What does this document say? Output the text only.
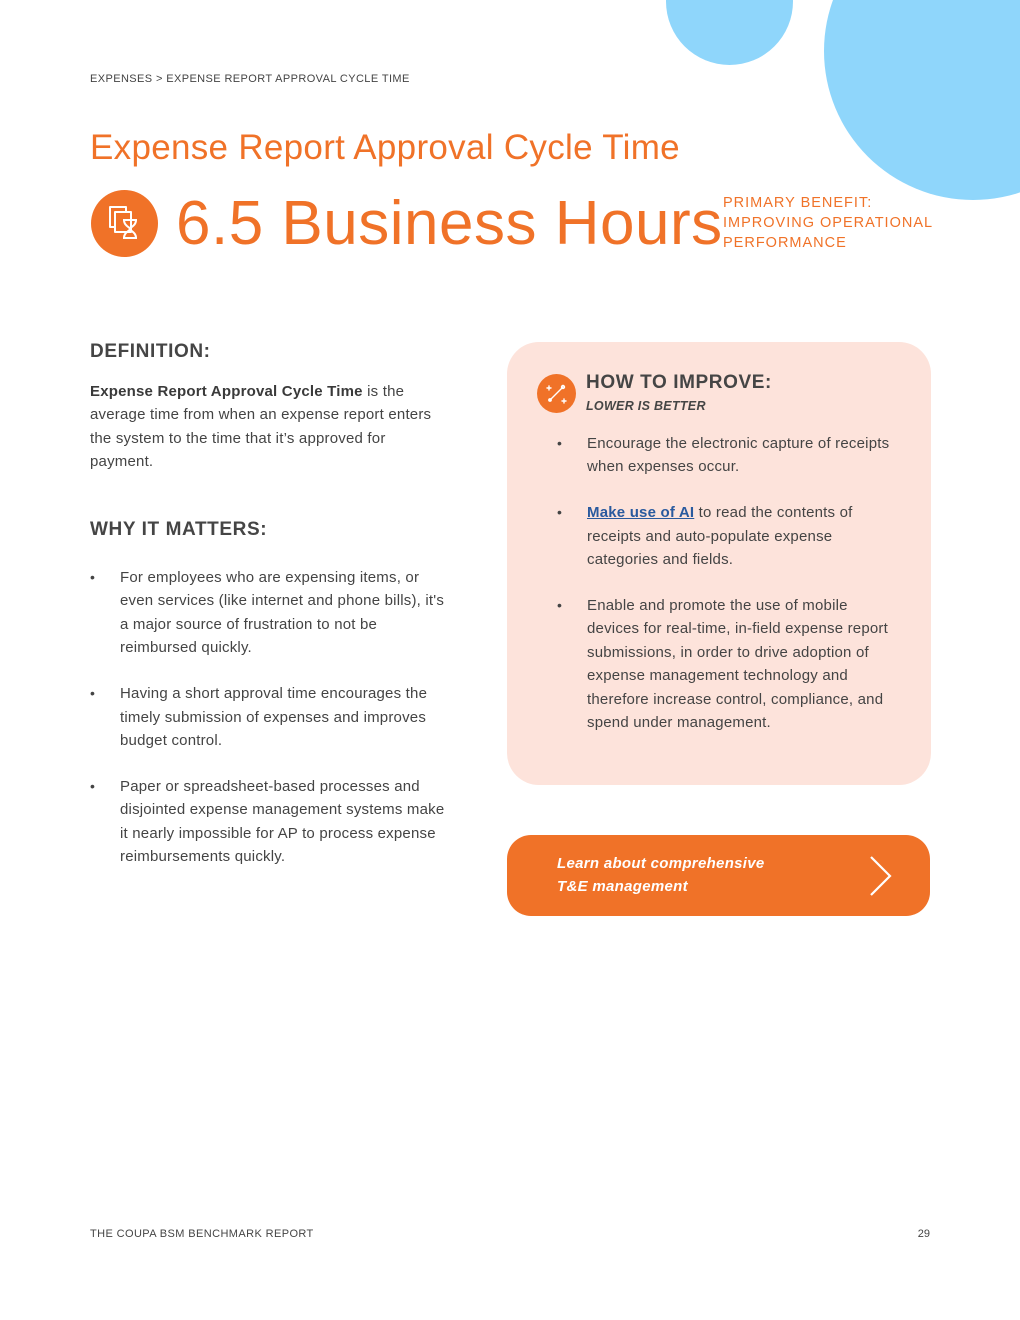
EXPENSES > EXPENSE REPORT APPROVAL CYCLE TIME
Expense Report Approval Cycle Time
6.5 Business Hours PRIMARY BENEFIT:
IMPROVING OPERATIONAL
PERFORMANCE
DEFINITION:

Expense Report Approval Cycle Time is the average time from when an expense report enters the system to the time that it’s approved for payment.

WHY IT MATTERS:
• For employees who are expensing items, or even services (like internet and phone bills), it's a major source of frustration to not be reimbursed quickly.
• Having a short approval time encourages the timely submission of expenses and improves budget control.
• Paper or spreadsheet-based processes and disjointed expense management systems make it nearly impossible for AP to process expense reimbursements quickly.
HOW TO IMPROVE:
LOWER IS BETTER
• Encourage the electronic capture of receipts when expenses occur.
• Make use of AI to read the contents of receipts and auto-populate expense categories and fields.
• Enable and promote the use of mobile devices for real-time, in-field expense report submissions, in order to drive adoption of expense management technology and therefore increase control, compliance, and spend under management.
Learn about comprehensive
T&E management
THE COUPA BSM BENCHMARK REPORT	29
